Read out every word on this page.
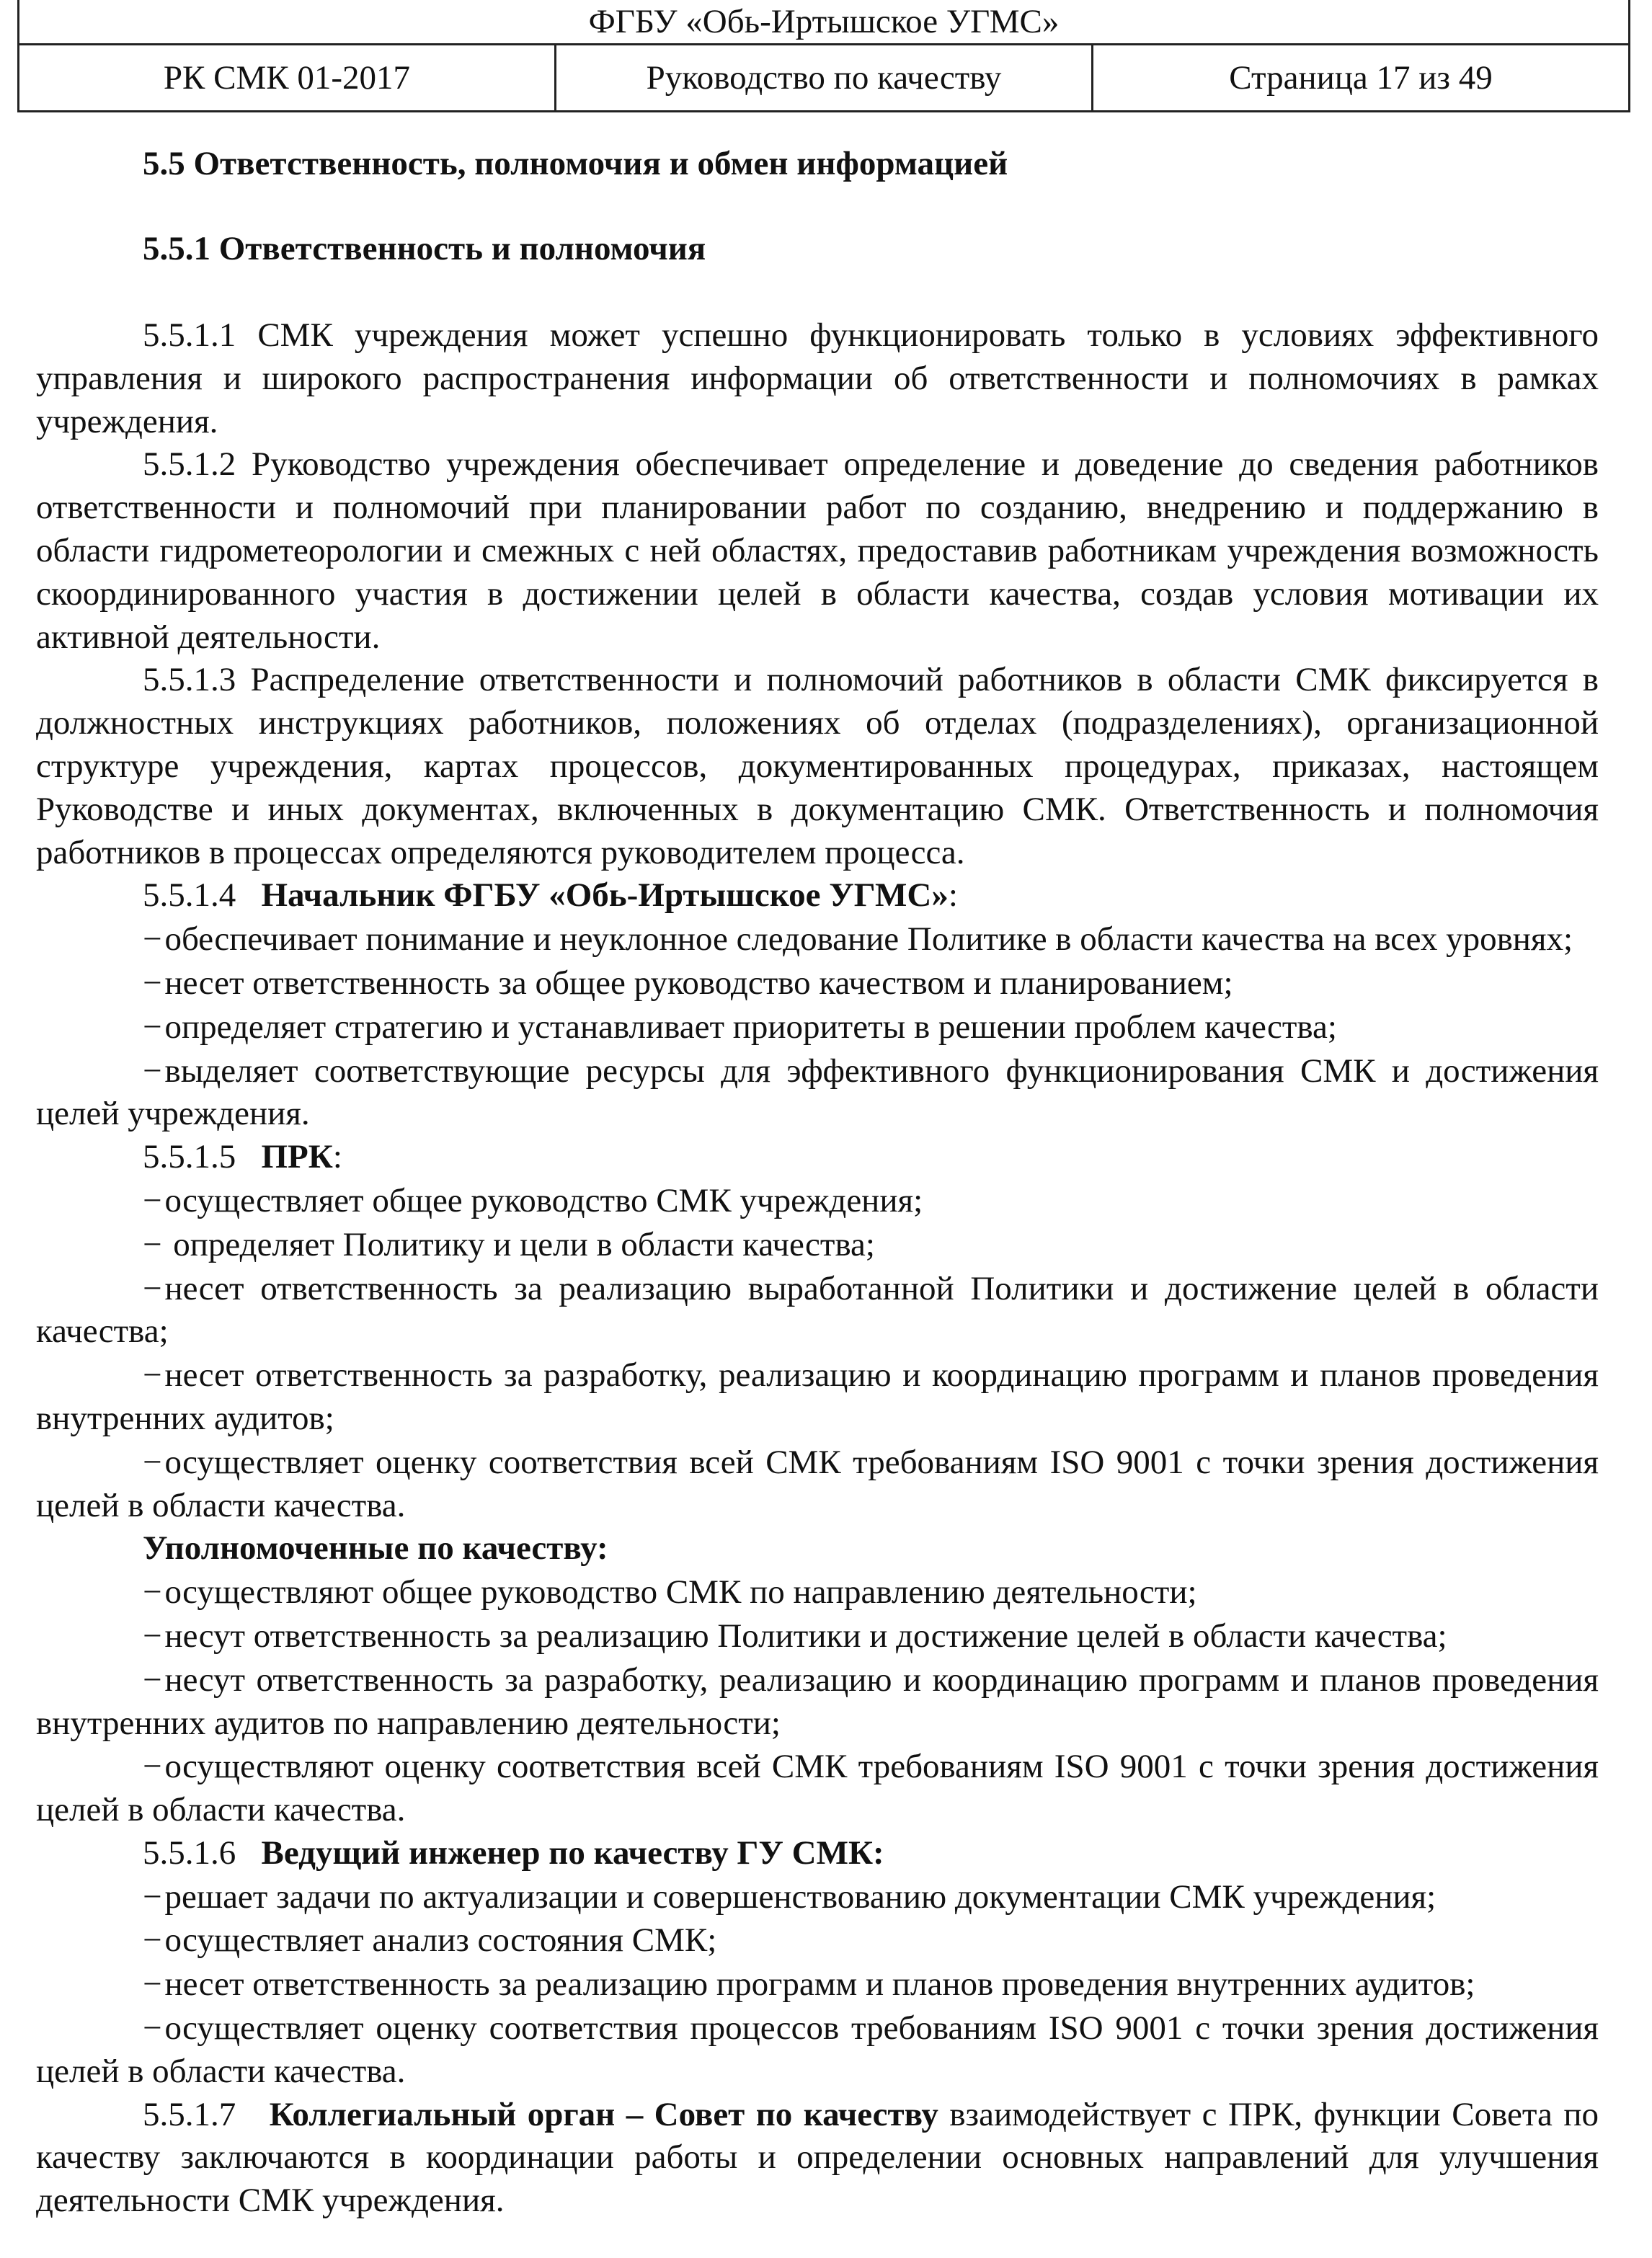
ФГБУ «Обь-Иртышское УГМС»
РК СМК 01-2017	Руководство по качеству	Страница 17 из 49

5.5 Ответственность, полномочия и обмен информацией

5.5.1 Ответственность и полномочия

5.5.1.1 СМК учреждения может успешно функционировать только в условиях эффективного управления и широкого распространения информации об ответственности и полномочиях в рамках учреждения.

5.5.1.2 Руководство учреждения обеспечивает определение и доведение до сведения работников ответственности и полномочий при планировании работ по созданию, внедрению и поддержанию в области гидрометеорологии и смежных с ней областях, предоставив работникам учреждения возможность скоординированного участия в достижении целей в области качества, создав условия мотивации их активной деятельности.

5.5.1.3 Распределение ответственности и полномочий работников в области СМК фиксируется в должностных инструкциях работников, положениях об отделах (подразделениях), организационной структуре учреждения, картах процессов, документированных процедурах, приказах, настоящем Руководстве и иных документах, включенных в документацию СМК. Ответственность и полномочия работников в процессах определяются руководителем процесса.

5.5.1.4 Начальник ФГБУ «Обь-Иртышское УГМС»:

−обеспечивает понимание и неуклонное следование Политике в области качества на всех уровнях;

−несет ответственность за общее руководство качеством и планированием;

−определяет стратегию и устанавливает приоритеты в решении проблем качества;

−выделяет соответствующие ресурсы для эффективного функционирования СМК и достижения целей учреждения.

5.5.1.5 ПРК:

−осуществляет общее руководство СМК учреждения;

− определяет Политику и цели в области качества;

−несет ответственность за реализацию выработанной Политики и достижение целей в области качества;

−несет ответственность за разработку, реализацию и координацию программ и планов проведения внутренних аудитов;

−осуществляет оценку соответствия всей СМК требованиям ISO 9001 с точки зрения достижения целей в области качества.

Уполномоченные по качеству:

−осуществляют общее руководство СМК по направлению деятельности;

−несут ответственность за реализацию Политики и достижение целей в области качества;

−несут ответственность за разработку, реализацию и координацию программ и планов проведения внутренних аудитов по направлению деятельности;

−осуществляют оценку соответствия всей СМК требованиям ISO 9001 с точки зрения достижения целей в области качества.

5.5.1.6 Ведущий инженер по качеству ГУ СМК:

−решает задачи по актуализации и совершенствованию документации СМК учреждения;

−осуществляет анализ состояния СМК;

−несет ответственность за реализацию программ и планов проведения внутренних аудитов;

−осуществляет оценку соответствия процессов требованиям ISO 9001 с точки зрения достижения целей в области качества.

5.5.1.7 Коллегиальный орган – Совет по качеству взаимодействует с ПРК, функции Совета по качеству заключаются в координации работы и определении основных направлений для улучшения деятельности СМК учреждения.
